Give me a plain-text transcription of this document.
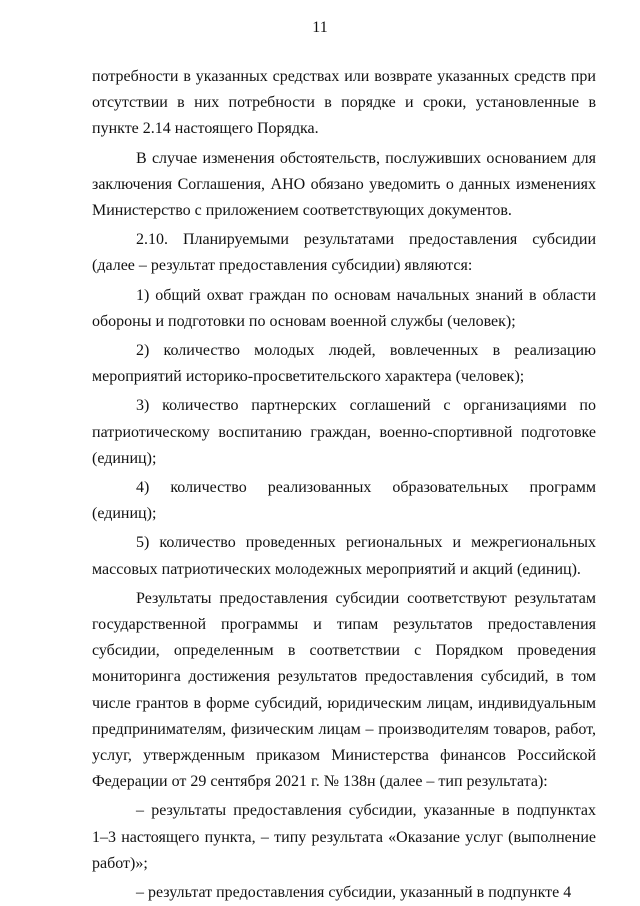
11

потребности в указанных средствах или возврате указанных средств при отсутствии в них потребности в порядке и сроки, установленные в пункте 2.14 настоящего Порядка.

В случае изменения обстоятельств, послуживших основанием для заключения Соглашения, АНО обязано уведомить о данных изменениях Министерство с приложением соответствующих документов.

2.10. Планируемыми результатами предоставления субсидии (далее – результат предоставления субсидии) являются:

1) общий охват граждан по основам начальных знаний в области обороны и подготовки по основам военной службы (человек);

2) количество молодых людей, вовлеченных в реализацию мероприятий историко-просветительского характера (человек);

3) количество партнерских соглашений с организациями по патриотическому воспитанию граждан, военно-спортивной подготовке (единиц);

4) количество реализованных образовательных программ (единиц);

5) количество проведенных региональных и межрегиональных массовых патриотических молодежных мероприятий и акций (единиц).

Результаты предоставления субсидии соответствуют результатам государственной программы и типам результатов предоставления субсидии, определенным в соответствии с Порядком проведения мониторинга достижения результатов предоставления субсидий, в том числе грантов в форме субсидий, юридическим лицам, индивидуальным предпринимателям, физическим лицам – производителям товаров, работ, услуг, утвержденным приказом Министерства финансов Российской Федерации от 29 сентября 2021 г. № 138н (далее – тип результата):

– результаты предоставления субсидии, указанные в подпунктах 1–3 настоящего пункта, – типу результата «Оказание услуг (выполнение работ)»;

– результат предоставления субсидии, указанный в подпункте 4
